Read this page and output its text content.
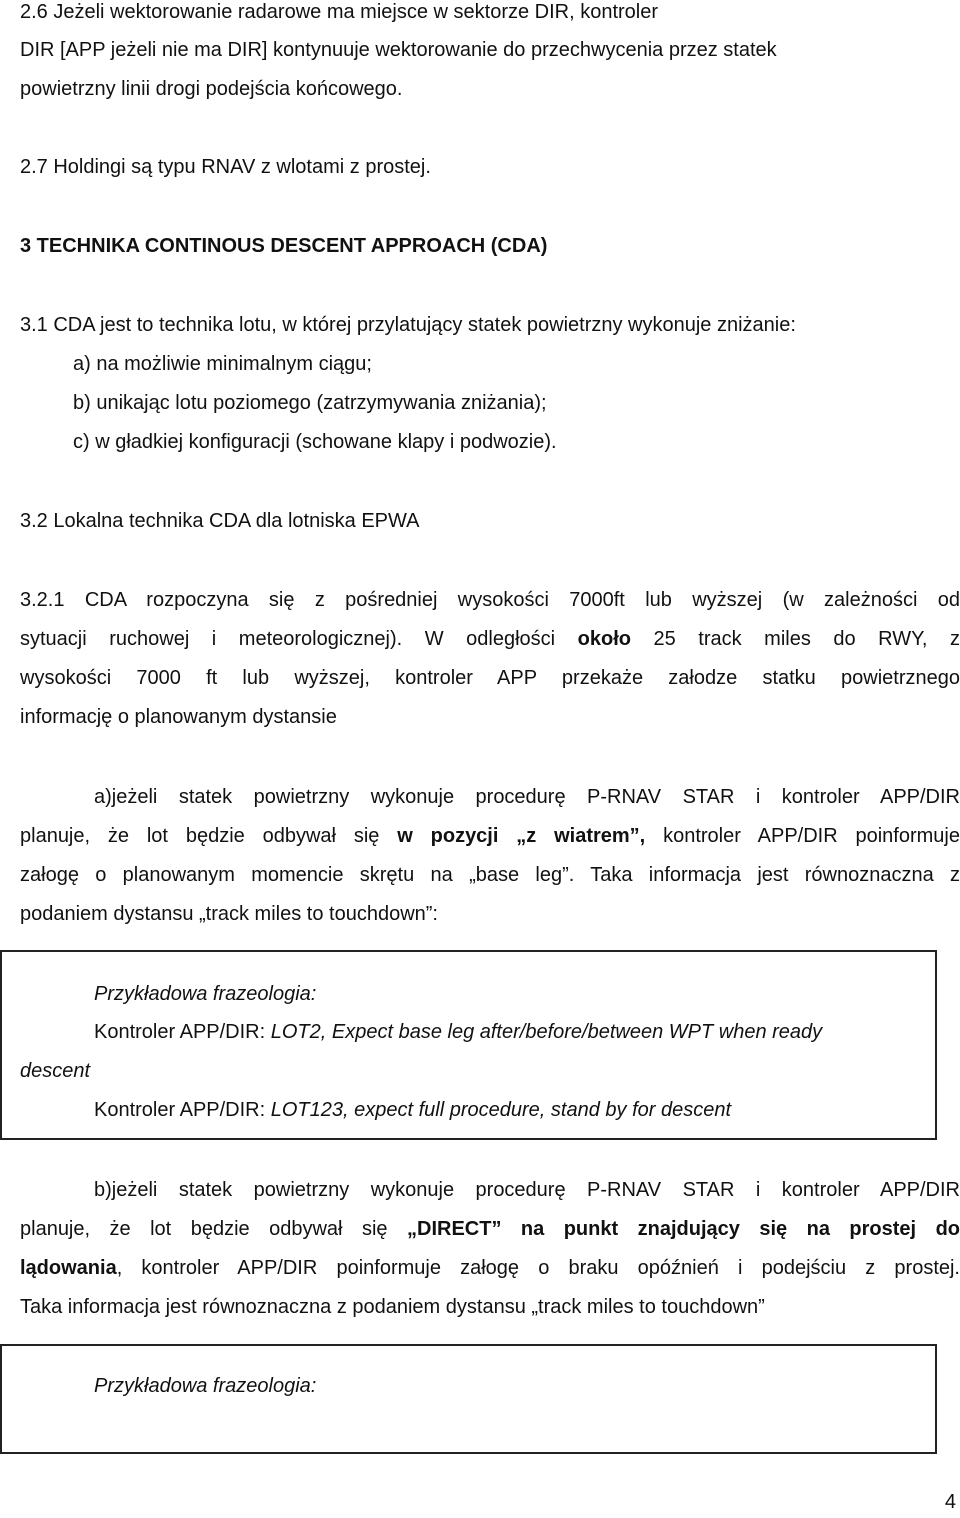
2.6 Jeżeli wektorowanie radarowe ma miejsce w sektorze DIR, kontroler
DIR [APP jeżeli nie ma DIR] kontynuuje wektorowanie do przechwycenia przez statek
powietrzny linii drogi podejścia końcowego.
2.7 Holdingi są typu RNAV z wlotami z prostej.
3 TECHNIKA CONTINOUS DESCENT APPROACH (CDA)
3.1 CDA jest to technika lotu, w której przylatujący statek powietrzny wykonuje zniżanie:
a) na możliwie minimalnym ciągu;
b) unikając lotu poziomego (zatrzymywania zniżania);
c) w gładkiej konfiguracji (schowane klapy i podwozie).
3.2 Lokalna technika CDA dla lotniska EPWA
3.2.1 CDA rozpoczyna się z pośredniej wysokości 7000ft lub wyższej (w zależności od
sytuacji ruchowej i meteorologicznej). W odległości około 25 track miles do RWY, z
wysokości 7000 ft lub wyższej, kontroler APP przekaże załodze statku powietrznego
informację o planowanym dystansie
a)jeżeli statek powietrzny wykonuje procedurę P-RNAV STAR i kontroler APP/DIR
planuje, że lot będzie odbywał się w pozycji „z wiatrem”, kontroler APP/DIR poinformuje
załogę o planowanym momencie skrętu na „base leg”. Taka informacja jest równoznaczna z
podaniem dystansu „track miles to touchdown”:
Przykładowa frazeologia:
Kontroler APP/DIR: LOT2, Expect base leg after/before/between WPT when ready
descent
Kontroler APP/DIR: LOT123, expect full procedure, stand by for descent
b)jeżeli statek powietrzny wykonuje procedurę P-RNAV STAR i kontroler APP/DIR
planuje, że lot będzie odbywał się „DIRECT” na punkt znajdujący się na prostej do
lądowania, kontroler APP/DIR poinformuje załogę o braku opóźnień i podejściu z prostej.
Taka informacja jest równoznaczna z podaniem dystansu „track miles to touchdown”
Przykładowa frazeologia:
4
